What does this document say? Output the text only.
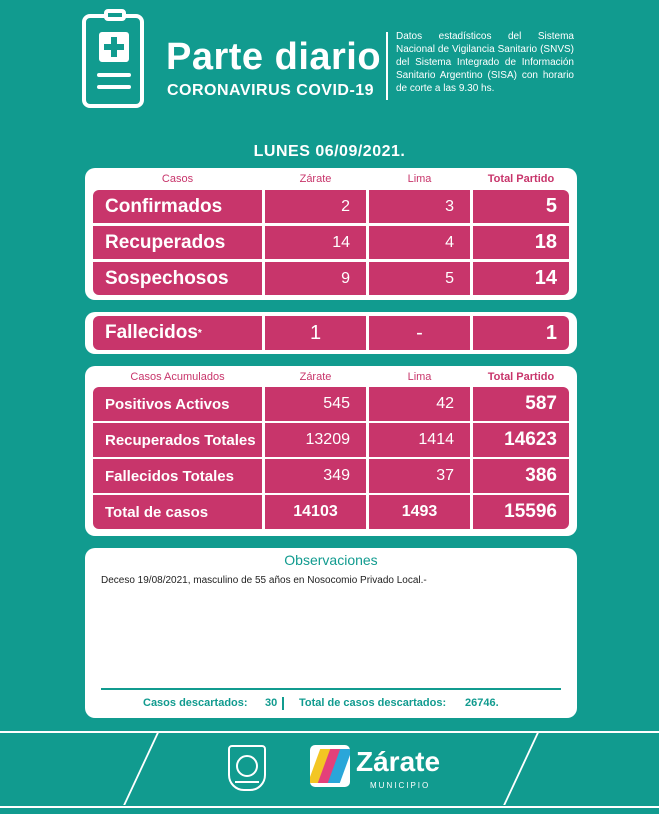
Parte diario
CORONAVIRUS COVID-19
Datos estadísticos del Sistema Nacional de Vigilancia Sanitario (SNVS) del Sistema Integrado de Información Sanitario Argentino (SISA) con horario de corte a las 9.30 hs.
LUNES 06/09/2021.
Casos	Zárate	Lima	Total Partido
Confirmados	2	3	5
Recuperados	14	4	18
Sospechosos	9	5	14
Fallecidos *	1	-	1
Casos Acumulados	Zárate	Lima	Total Partido
Positivos Activos	545	42	587
Recuperados Totales	13209	1414	14623
Fallecidos Totales	349	37	386
Total de casos	14103	1493	15596
Observaciones
Deceso 19/08/2021, masculino de 55 años en Nosocomio Privado Local.-
Casos descartados: 30 Total de casos descartados: 26746.
Zárate
MUNICIPIO
